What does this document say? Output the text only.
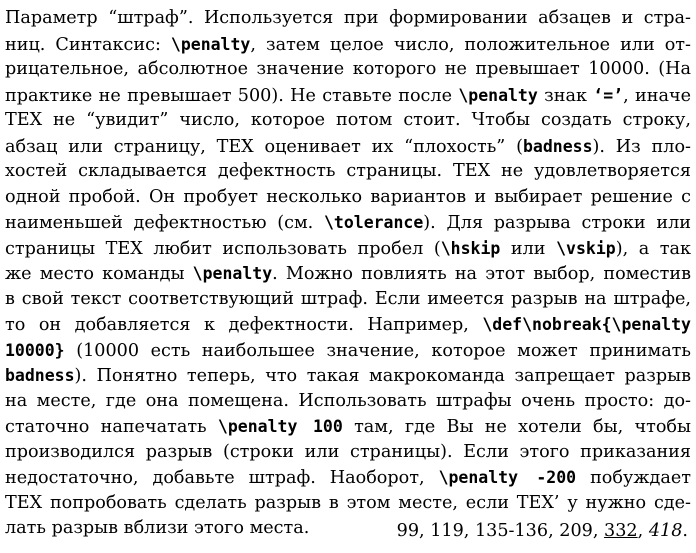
Параметр “штраф”. Используется при формировании абзацев и стра-
ниц. Синтаксис: \penalty, затем целое число, положительное или от-
рицательное, абсолютное значение которого не превышает 10000. (На
практике не превышает 500). Не ставьте после \penalty знак ‘=’, иначе
TEX не “увидит” число, которое потом стоит. Чтобы создать строку,
абзац или страницу, TEX оценивает их “плохость” (badness). Из пло-
хостей складывается дефектность страницы. TEX не удовлетворяется
одной пробой. Он пробует несколько вариантов и выбирает решение с
наименьшей дефектностью (см. \tolerance). Для разрыва строки или
страницы TEX любит использовать пробел (\hskip или \vskip), а так
же место команды \penalty. Можно повлиять на этот выбор, поместив
в свой текст соответствующий штраф. Если имеется разрыв на штрафе,
то он добавляется к дефектности. Например, \def\nobreak{\penalty
10000} (10000 есть наибольшее значение, которое может принимать
badness). Понятно теперь, что такая макрокоманда запрещает разрыв
на месте, где она помещена. Использовать штрафы очень просто: до-
статочно напечатать \penalty 100 там, где Вы не хотели бы, чтобы
производился разрыв (строки или страницы). Если этого приказания
недостаточно, добавьте штраф. Наоборот, \penalty -200 побуждает
TEX попробовать сделать разрыв в этом месте, если TEX’ у нужно сде-
лать разрыв вблизи этого места.	99, 119, 135-136, 209, 332, 418.
